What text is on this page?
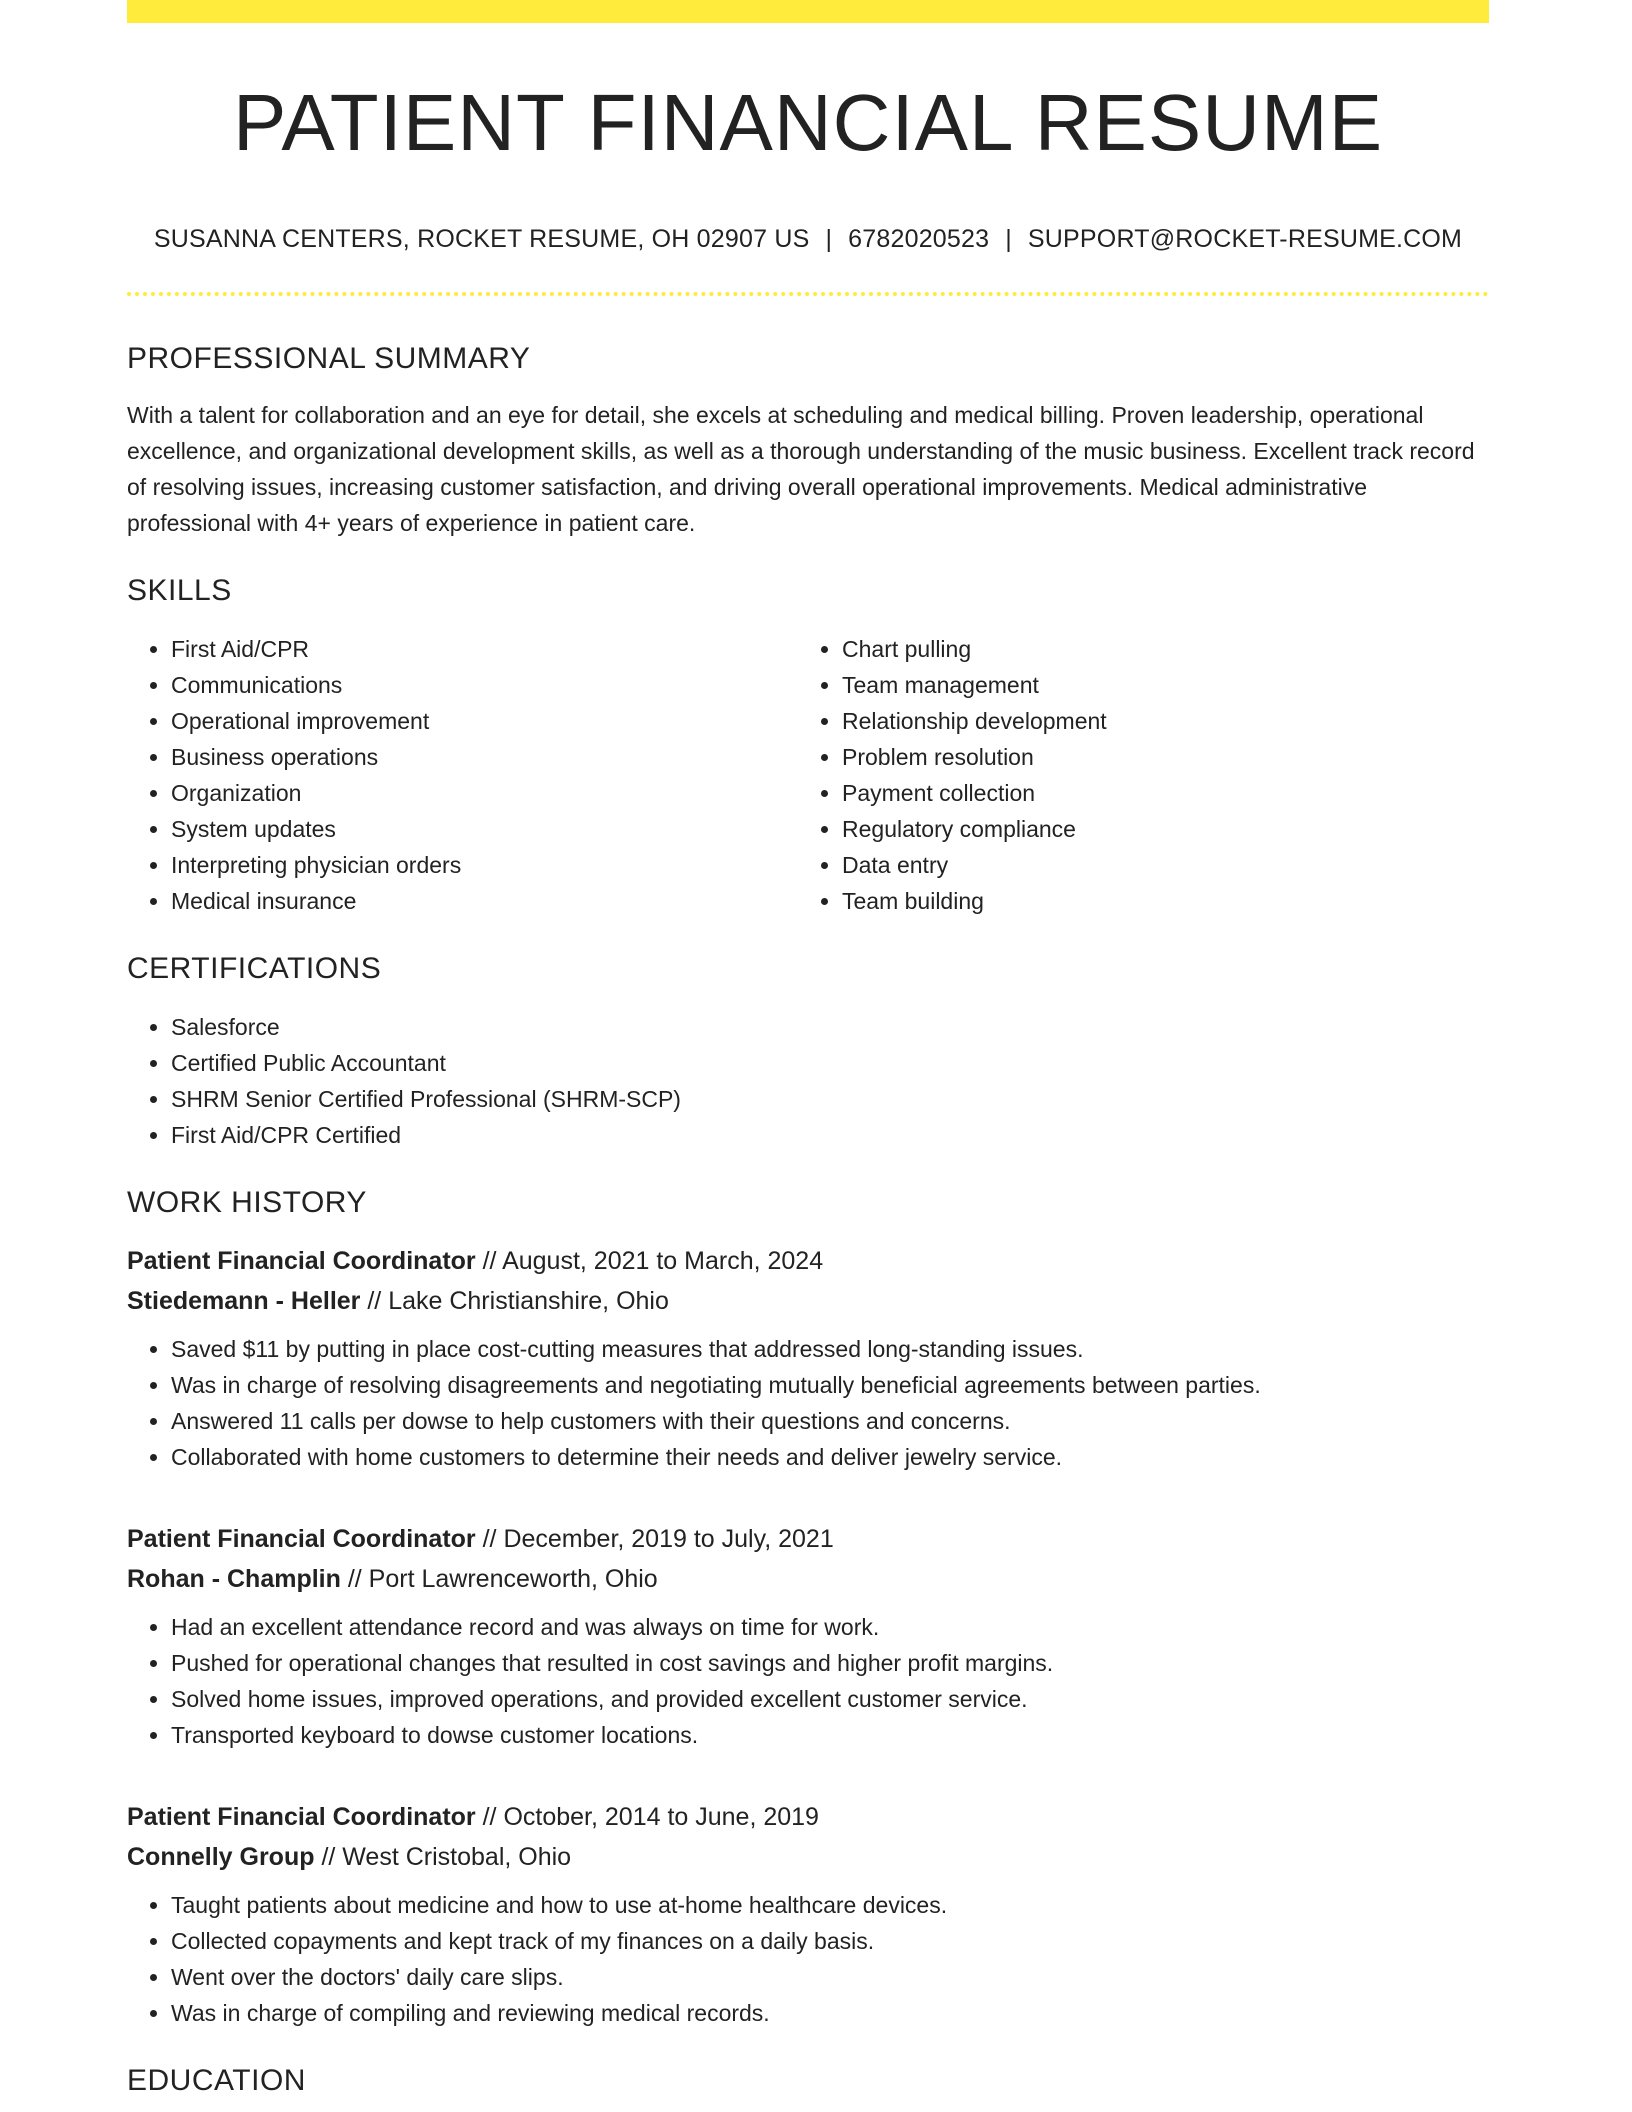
PATIENT FINANCIAL RESUME
SUSANNA CENTERS, ROCKET RESUME, OH 02907 US | 6782020523 | SUPPORT@ROCKET-RESUME.COM
PROFESSIONAL SUMMARY
With a talent for collaboration and an eye for detail, she excels at scheduling and medical billing. Proven leadership, operational excellence, and organizational development skills, as well as a thorough understanding of the music business. Excellent track record of resolving issues, increasing customer satisfaction, and driving overall operational improvements. Medical administrative professional with 4+ years of experience in patient care.
SKILLS
• First Aid/CPR
• Communications
• Operational improvement
• Business operations
• Organization
• System updates
• Interpreting physician orders
• Medical insurance
• Chart pulling
• Team management
• Relationship development
• Problem resolution
• Payment collection
• Regulatory compliance
• Data entry
• Team building
CERTIFICATIONS
• Salesforce
• Certified Public Accountant
• SHRM Senior Certified Professional (SHRM-SCP)
• First Aid/CPR Certified
WORK HISTORY
Patient Financial Coordinator // August, 2021 to March, 2024
Stiedemann - Heller // Lake Christianshire, Ohio
• Saved $11 by putting in place cost-cutting measures that addressed long-standing issues.
• Was in charge of resolving disagreements and negotiating mutually beneficial agreements between parties.
• Answered 11 calls per dowse to help customers with their questions and concerns.
• Collaborated with home customers to determine their needs and deliver jewelry service.
Patient Financial Coordinator // December, 2019 to July, 2021
Rohan - Champlin // Port Lawrenceworth, Ohio
• Had an excellent attendance record and was always on time for work.
• Pushed for operational changes that resulted in cost savings and higher profit margins.
• Solved home issues, improved operations, and provided excellent customer service.
• Transported keyboard to dowse customer locations.
Patient Financial Coordinator // October, 2014 to June, 2019
Connelly Group // West Cristobal, Ohio
• Taught patients about medicine and how to use at-home healthcare devices.
• Collected copayments and kept track of my finances on a daily basis.
• Went over the doctors' daily care slips.
• Was in charge of compiling and reviewing medical records.
EDUCATION
